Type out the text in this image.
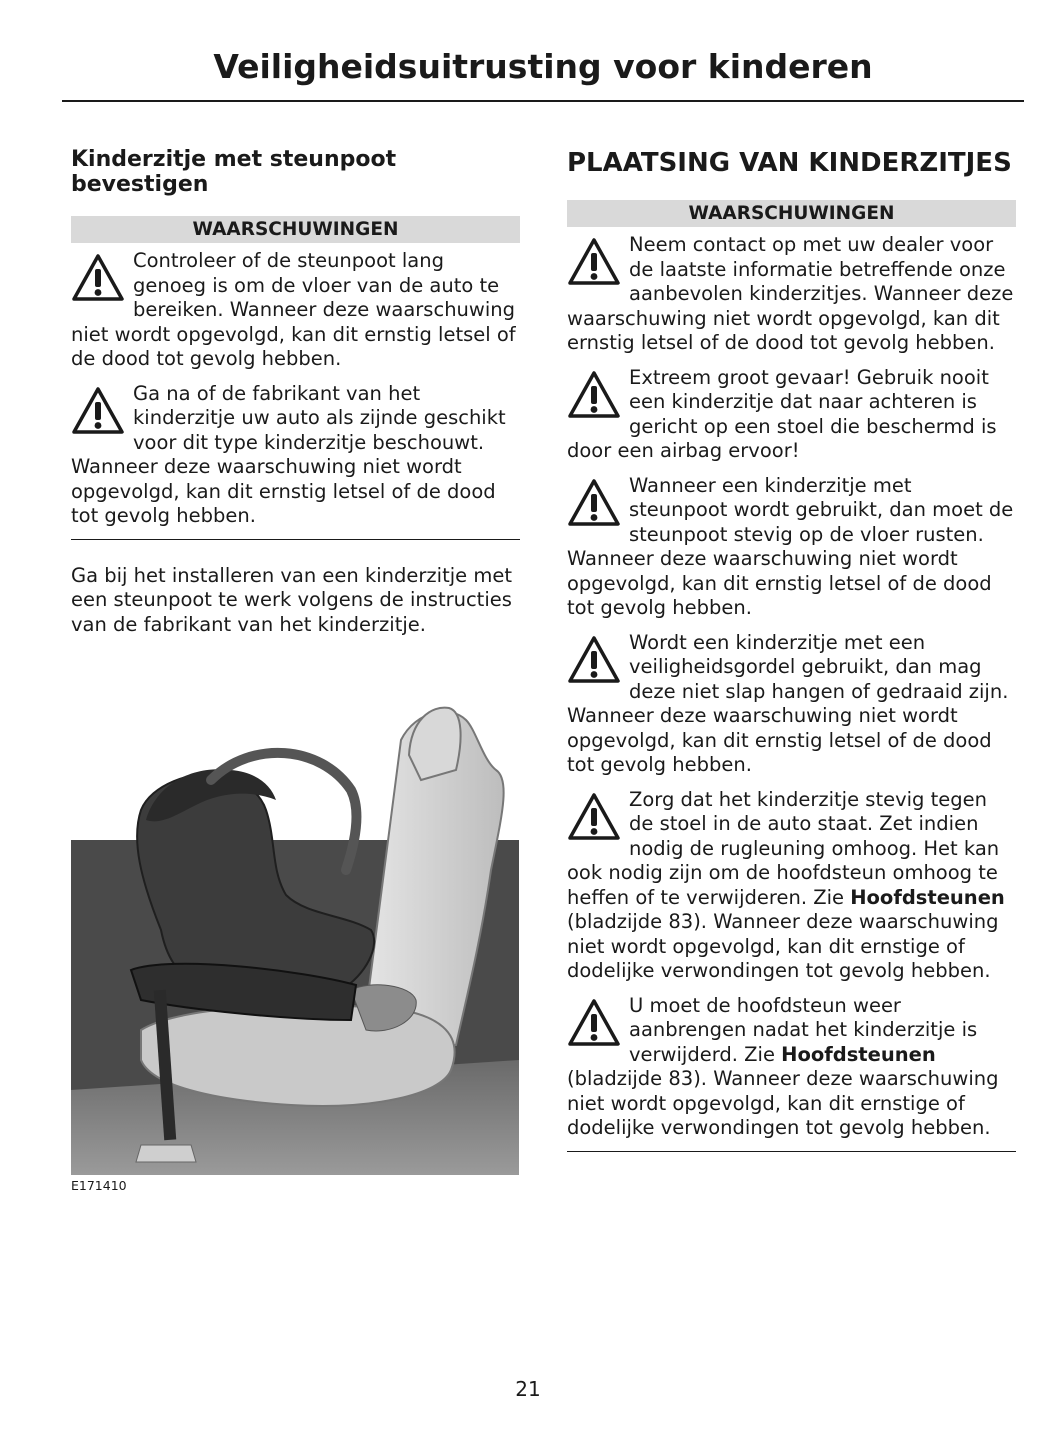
Veiligheidsuitrusting voor kinderen
Kinderzitje met steunpoot bevestigen
WAARSCHUWINGEN
Controleer of de steunpoot lang genoeg is om de vloer van de auto te bereiken. Wanneer deze waarschuwing niet wordt opgevolgd, kan dit ernstig letsel of de dood tot gevolg hebben.
Ga na of de fabrikant van het kinderzitje uw auto als zijnde geschikt voor dit type kinderzitje beschouwt. Wanneer deze waarschuwing niet wordt opgevolgd, kan dit ernstig letsel of de dood tot gevolg hebben.
Ga bij het installeren van een kinderzitje met een steunpoot te werk volgens de instructies van de fabrikant van het kinderzitje.
E171410
PLAATSING VAN KINDERZITJES
WAARSCHUWINGEN
Neem contact op met uw dealer voor de laatste informatie betreffende onze aanbevolen kinderzitjes. Wanneer deze waarschuwing niet wordt opgevolgd, kan dit ernstig letsel of de dood tot gevolg hebben.
Extreem groot gevaar! Gebruik nooit een kinderzitje dat naar achteren is gericht op een stoel die beschermd is door een airbag ervoor!
Wanneer een kinderzitje met steunpoot wordt gebruikt, dan moet de steunpoot stevig op de vloer rusten. Wanneer deze waarschuwing niet wordt opgevolgd, kan dit ernstig letsel of de dood tot gevolg hebben.
Wordt een kinderzitje met een veiligheidsgordel gebruikt, dan mag deze niet slap hangen of gedraaid zijn. Wanneer deze waarschuwing niet wordt opgevolgd, kan dit ernstig letsel of de dood tot gevolg hebben.
Zorg dat het kinderzitje stevig tegen de stoel in de auto staat. Zet indien nodig de rugleuning omhoog. Het kan ook nodig zijn om de hoofdsteun omhoog te heffen of te verwijderen. Zie Hoofdsteunen (bladzijde 83). Wanneer deze waarschuwing niet wordt opgevolgd, kan dit ernstige of dodelijke verwondingen tot gevolg hebben.
U moet de hoofdsteun weer aanbrengen nadat het kinderzitje is verwijderd. Zie Hoofdsteunen (bladzijde 83). Wanneer deze waarschuwing niet wordt opgevolgd, kan dit ernstige of dodelijke verwondingen tot gevolg hebben.
21
